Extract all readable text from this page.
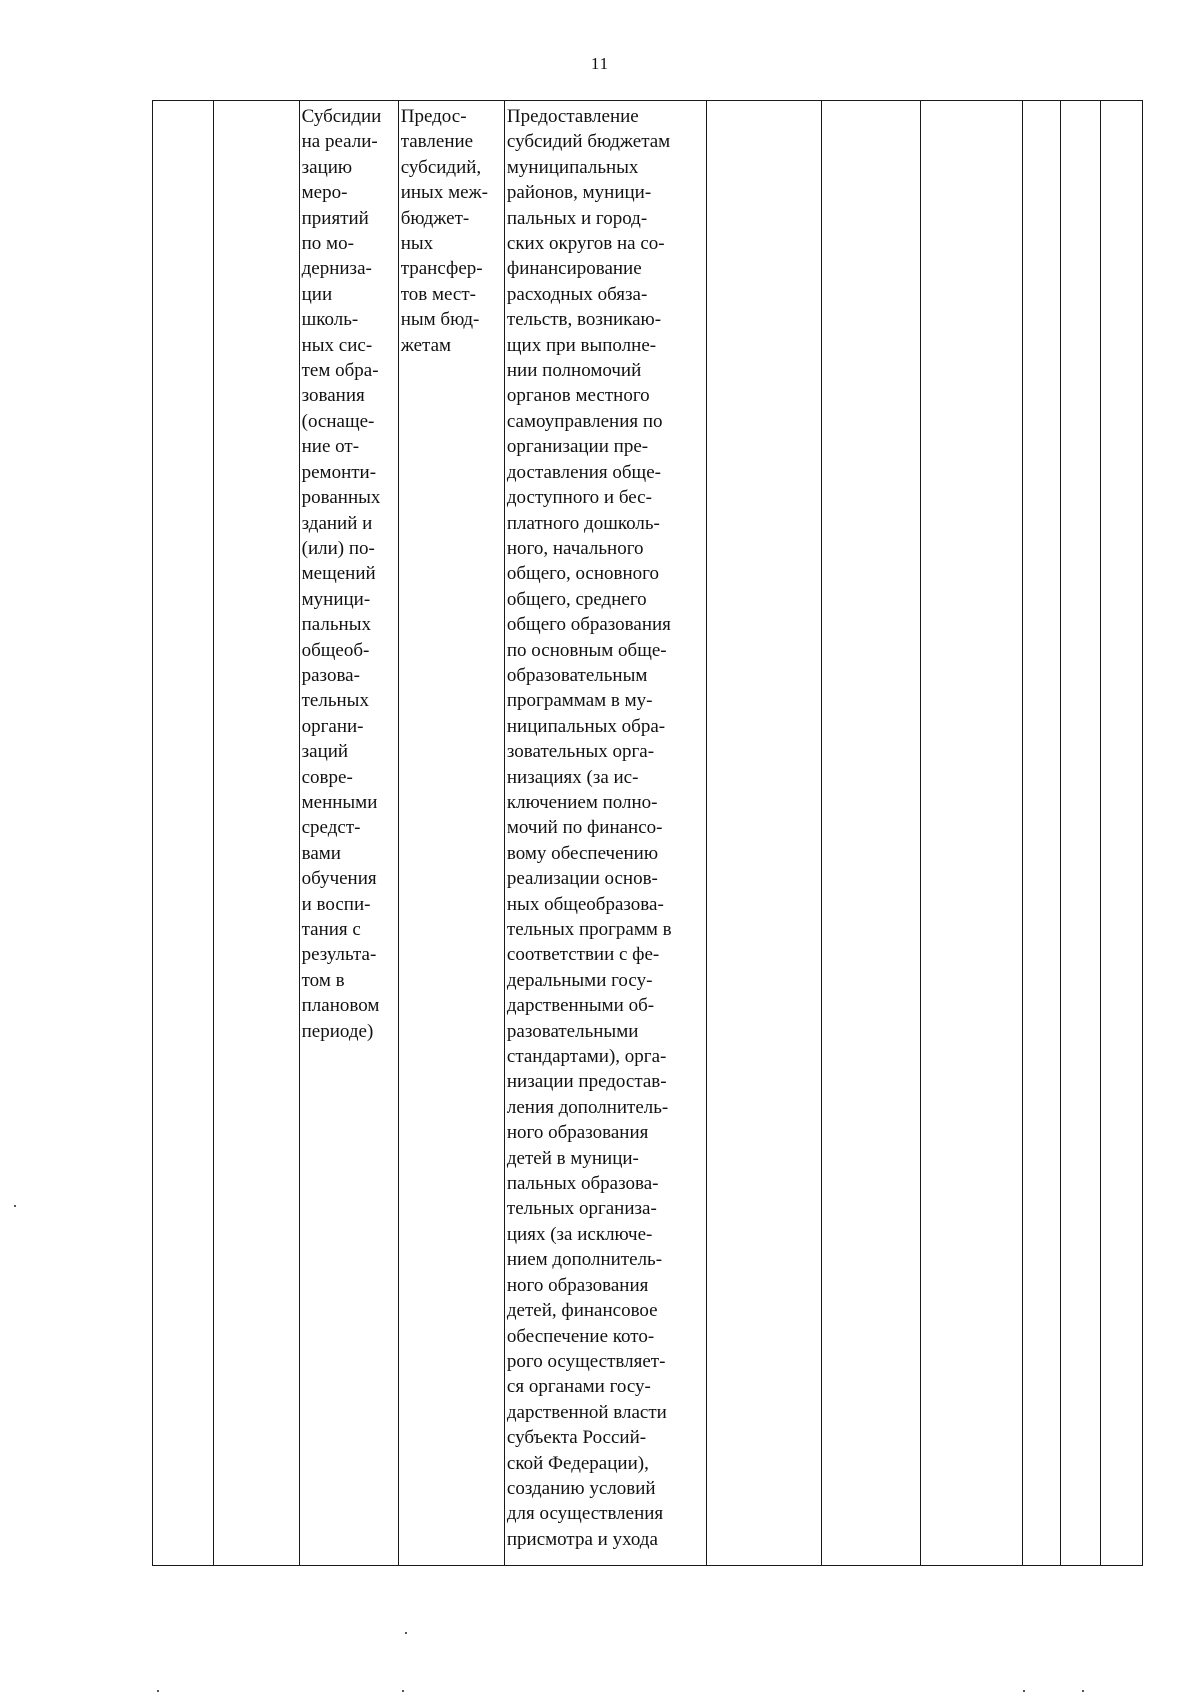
11
		Субсидии
на реали-
зацию
меро-
приятий
по мо-
дерниза-
ции
школь-
ных сис-
тем обра-
зования
(оснаще-
ние от-
ремонти-
рованных
зданий и
(или) по-
мещений
муници-
пальных
общеоб-
разова-
тельных
органи-
заций
совре-
менными
средст-
вами
обучения
и воспи-
тания с
результа-
том в
плановом
периоде)	Предос-
тавление
субсидий,
иных меж-
бюджет-
ных
трансфер-
тов мест-
ным бюд-
жетам	Предоставление
субсидий бюджетам
муниципальных
районов, муници-
пальных и город-
ских округов на со-
финансирование
расходных обяза-
тельств, возникаю-
щих при выполне-
нии полномочий
органов местного
самоуправления по
организации пре-
доставления обще-
доступного и бес-
платного дошколь-
ного, начального
общего, основного
общего, среднего
общего образования
по основным обще-
образовательным
программам в му-
ниципальных обра-
зовательных орга-
низациях (за ис-
ключением полно-
мочий по финансо-
вому обеспечению
реализации основ-
ных общеобразова-
тельных программ в
соответствии с фе-
деральными госу-
дарственными об-
разовательными
стандартами), орга-
низации предостав-
ления дополнитель-
ного образования
детей в муници-
пальных образова-
тельных организа-
циях (за исключе-
нием дополнитель-
ного образования
детей, финансовое
обеспечение кото-
рого осуществляет-
ся органами госу-
дарственной власти
субъекта Россий-
ской Федерации),
созданию условий
для осуществления
присмотра и ухода						
